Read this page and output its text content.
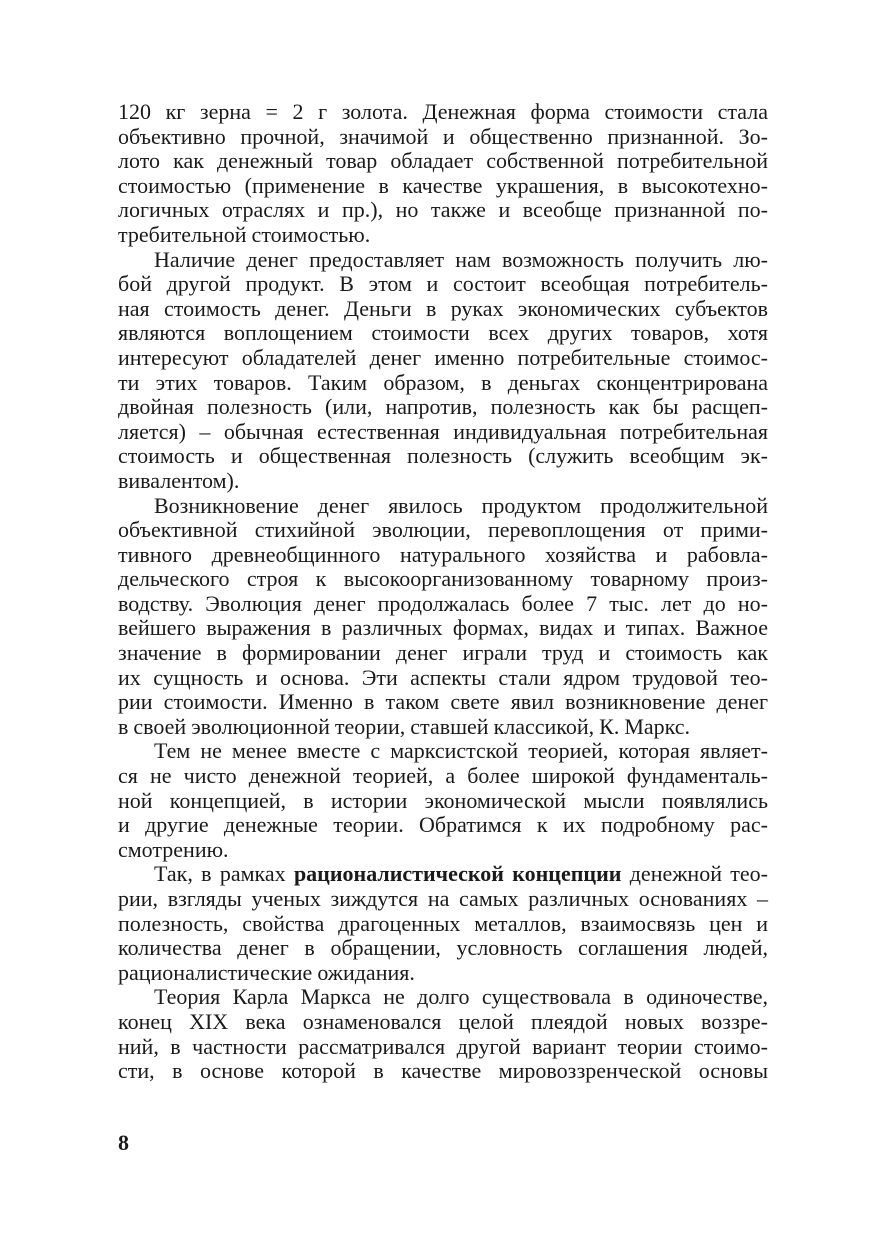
120 кг зерна = 2 г золота. Денежная форма стоимости стала
объективно прочной, значимой и общественно признанной. Зо-
лото как денежный товар обладает собственной потребительной
стоимостью (применение в качестве украшения, в высокотехно-
логичных отраслях и пр.), но также и всеобще признанной по-
требительной стоимостью.

Наличие денег предоставляет нам возможность получить лю-
бой другой продукт. В этом и состоит всеобщая потребитель-
ная стоимость денег. Деньги в руках экономических субъектов
являются воплощением стоимости всех других товаров, хотя
интересуют обладателей денег именно потребительные стоимос-
ти этих товаров. Таким образом, в деньгах сконцентрирована
двойная полезность (или, напротив, полезность как бы расщеп-
ляется) – обычная естественная индивидуальная потребительная
стоимость и общественная полезность (служить всеобщим эк-
вивалентом).

Возникновение денег явилось продуктом продолжительной
объективной стихийной эволюции, перевоплощения от прими-
тивного древнеобщинного натурального хозяйства и рабовла-
дельческого строя к высокоорганизованному товарному произ-
водству. Эволюция денег продолжалась более 7 тыс. лет до но-
вейшего выражения в различных формах, видах и типах. Важное
значение в формировании денег играли труд и стоимость как
их сущность и основа. Эти аспекты стали ядром трудовой тео-
рии стоимости. Именно в таком свете явил возникновение денег
в своей эволюционной теории, ставшей классикой, К. Маркс.

Тем не менее вместе с марксистской теорией, которая являет-
ся не чисто денежной теорией, а более широкой фундаменталь-
ной концепцией, в истории экономической мысли появлялись
и другие денежные теории. Обратимся к их подробному рас-
смотрению.

Так, в рамках рационалистической концепции денежной тео-
рии, взгляды ученых зиждутся на самых различных основаниях –
полезность, свойства драгоценных металлов, взаимосвязь цен и
количества денег в обращении, условность соглашения людей,
рационалистические ожидания.

Теория Карла Маркса не долго существовала в одиночестве,
конец XIX века ознаменовался целой плеядой новых воззре-
ний, в частности рассматривался другой вариант теории стоимо-
сти, в основе которой в качестве мировоззренческой основы

8
